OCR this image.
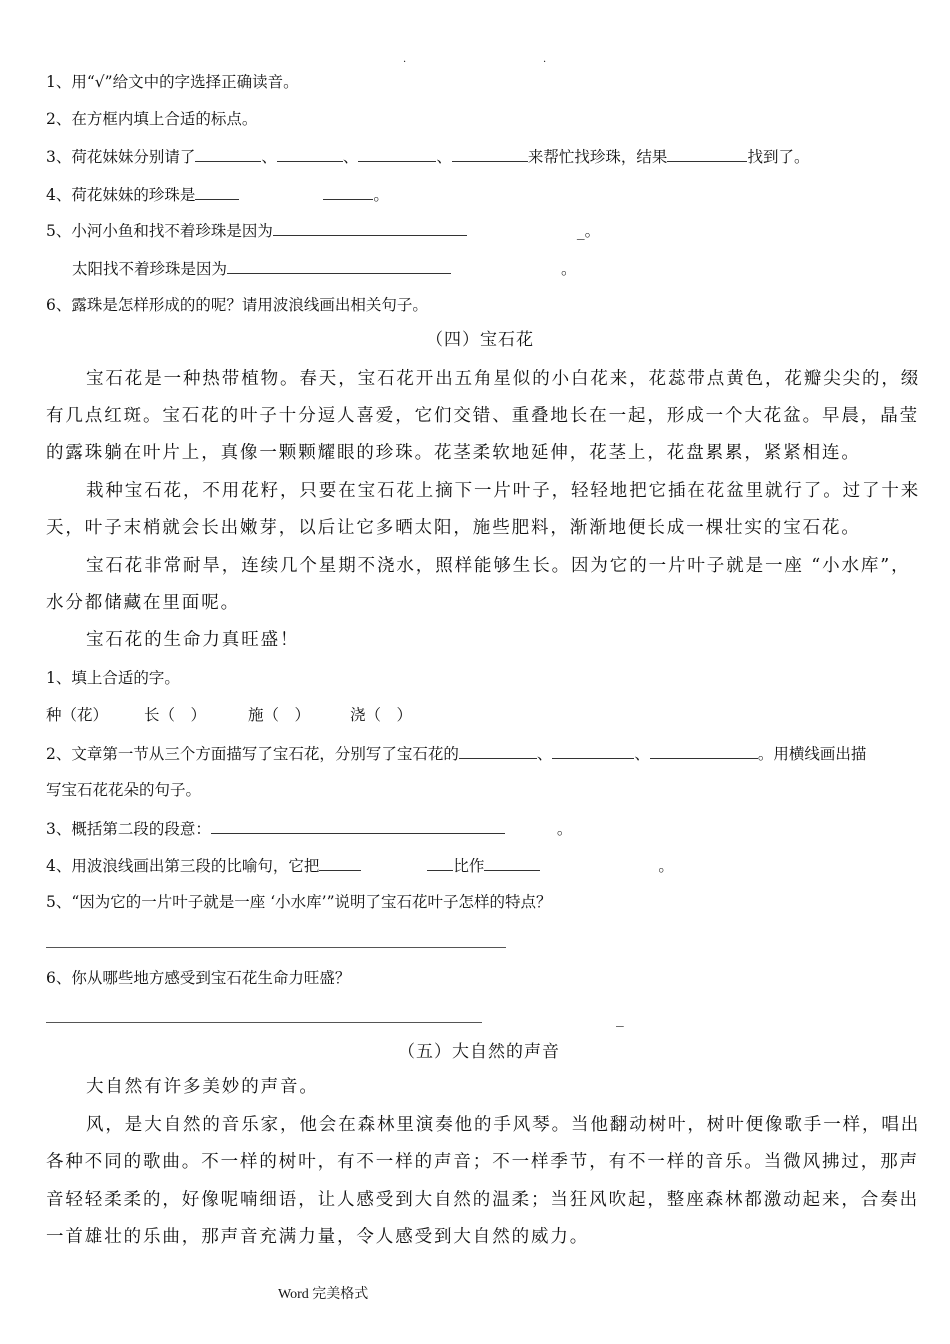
.	.
1、用“√”给文中的字选择正确读音。
2、在方框内填上合适的标点。
3、荷花妹妹分别请了	、	、	、	来帮忙找珍珠，结果	找到了。
4、荷花妹妹的珍珠是	。
5、小河小鱼和找不着珍珠是因为	_。
太阳找不着珍珠是因为	。
6、露珠是怎样形成的的呢？请用波浪线画出相关句子。
（四）宝石花
宝石花是一种热带植物。春天，宝石花开出五角星似的小白花来，花蕊带点黄色，花瓣尖尖的，缀
有几点红斑。宝石花的叶子十分逗人喜爱，它们交错、重叠地长在一起，形成一个大花盆。早晨，晶莹
的露珠躺在叶片上，真像一颗颗耀眼的珍珠。花茎柔软地延伸，花茎上，花盘累累，紧紧相连。
栽种宝石花，不用花籽，只要在宝石花上摘下一片叶子，轻轻地把它插在花盆里就行了。过了十来
天，叶子末梢就会长出嫩芽，以后让它多晒太阳，施些肥料，渐渐地便长成一棵壮实的宝石花。
宝石花非常耐旱，连续几个星期不浇水，照样能够生长。因为它的一片叶子就是一座 “小水库”，
水分都储藏在里面呢。
宝石花的生命力真旺盛！
1、填上合适的字。
种（花） 长（　）	施（　）	浇（　）
2、文章第一节从三个方面描写了宝石花，分别写了宝石花的	、	、	。用横线画出描
写宝石花花朵的句子。
3、概括第二段的段意：	。
4、用波浪线画出第三段的比喻句，它把	比作	。
5、“因为它的一片叶子就是一座 ‘小水库’”说明了宝石花叶子怎样的特点？
6、你从哪些地方感受到宝石花生命力旺盛？
_
（五）大自然的声音
大自然有许多美妙的声音。
风，是大自然的音乐家，他会在森林里演奏他的手风琴。当他翻动树叶，树叶便像歌手一样，唱出
各种不同的歌曲。不一样的树叶，有不一样的声音；不一样季节，有不一样的音乐。当微风拂过，那声
音轻轻柔柔的，好像呢喃细语，让人感受到大自然的温柔；当狂风吹起，整座森林都激动起来，合奏出
一首雄壮的乐曲，那声音充满力量，令人感受到大自然的威力。
Word 完美格式
